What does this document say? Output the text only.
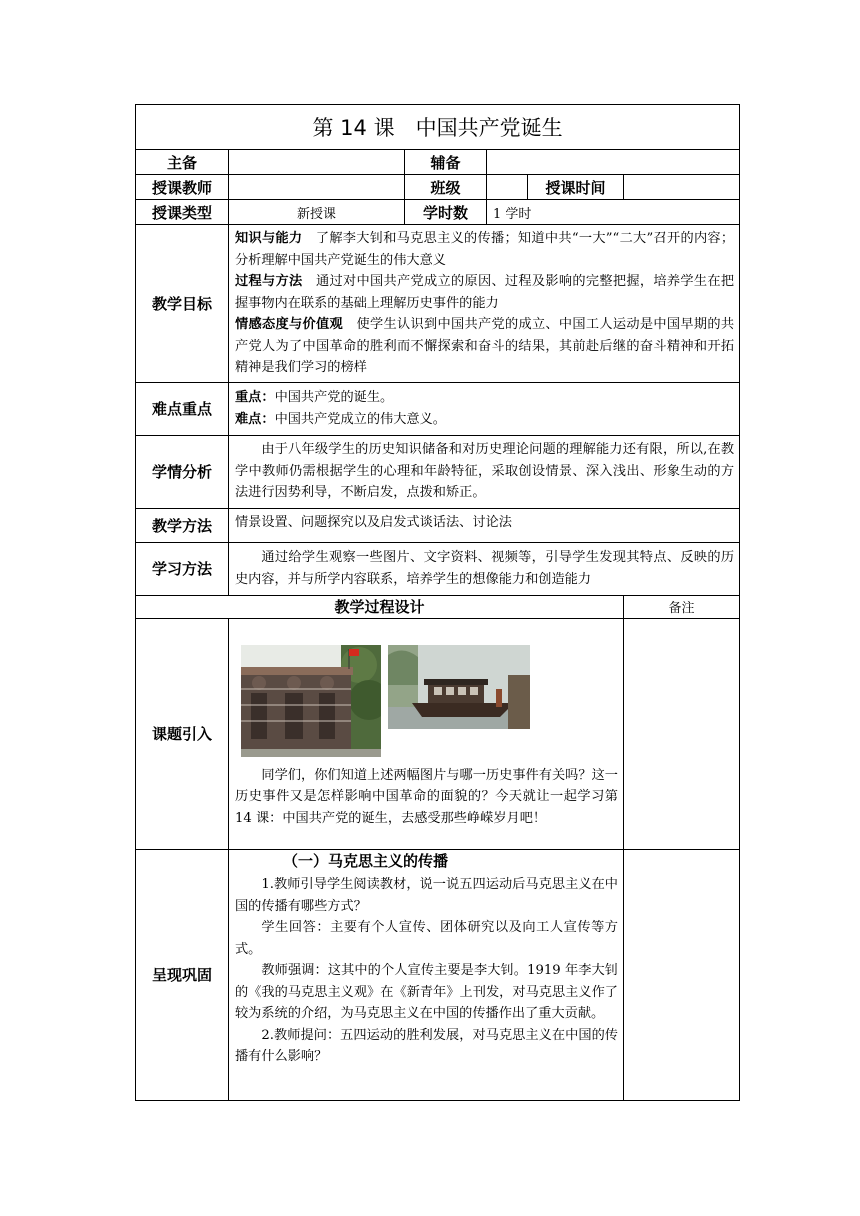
第 14 课　中国共产党诞生					
主备		辅备			
授课教师		班级		授课时间	
授课类型	新授课	学时数	1 学时		
教学目标	知识与能力　了解李大钊和马克思主义的传播；知道中共“一大”“二大”召开的内容；分析理解中国共产党诞生的伟大意义
过程与方法　通过对中国共产党成立的原因、过程及影响的完整把握，培养学生在把握事物内在联系的基础上理解历史事件的能力
情感态度与价值观　使学生认识到中国共产党的成立、中国工人运动是中国早期的共产党人为了中国革命的胜利而不懈探索和奋斗的结果，其前赴后继的奋斗精神和开拓精神是我们学习的榜样				

难点重点	重点：中国共产党的诞生。
难点：中国共产党成立的伟大意义。				

学情分析	由于八年级学生的历史知识储备和对历史理论问题的理解能力还有限，所以,在教学中教师仍需根据学生的心理和年龄特征，采取创设情景、深入浅出、形象生动的方法进行因势利导，不断启发，点拨和矫正。				
教学方法	情景设置、问题探究以及启发式谈话法、讨论法				
学习方法	通过给学生观察一些图片、文字资料、视频等，引导学生发现其特点、反映的历史内容，并与所学内容联系，培养学生的想像能力和创造能力				
教学过程设计					备注
课题引入	同学们，你们知道上述两幅图片与哪一历史事件有关吗？这一历史事件又是怎样影响中国革命的面貌的？今天就让一起学习第 14 课：中国共产党的诞生，去感受那些峥嵘岁月吧！				

呈现巩固	（一）马克思主义的传播
1.教师引导学生阅读教材，说一说五四运动后马克思主义在中国的传播有哪些方式？
学生回答：主要有个人宣传、团体研究以及向工人宣传等方式。
教师强调：这其中的个人宣传主要是李大钊。1919 年李大钊的《我的马克思主义观》在《新青年》上刊发，对马克思主义作了较为系统的介绍，为马克思主义在中国的传播作出了重大贡献。
2.教师提问：五四运动的胜利发展，对马克思主义在中国的传播有什么影响？				
